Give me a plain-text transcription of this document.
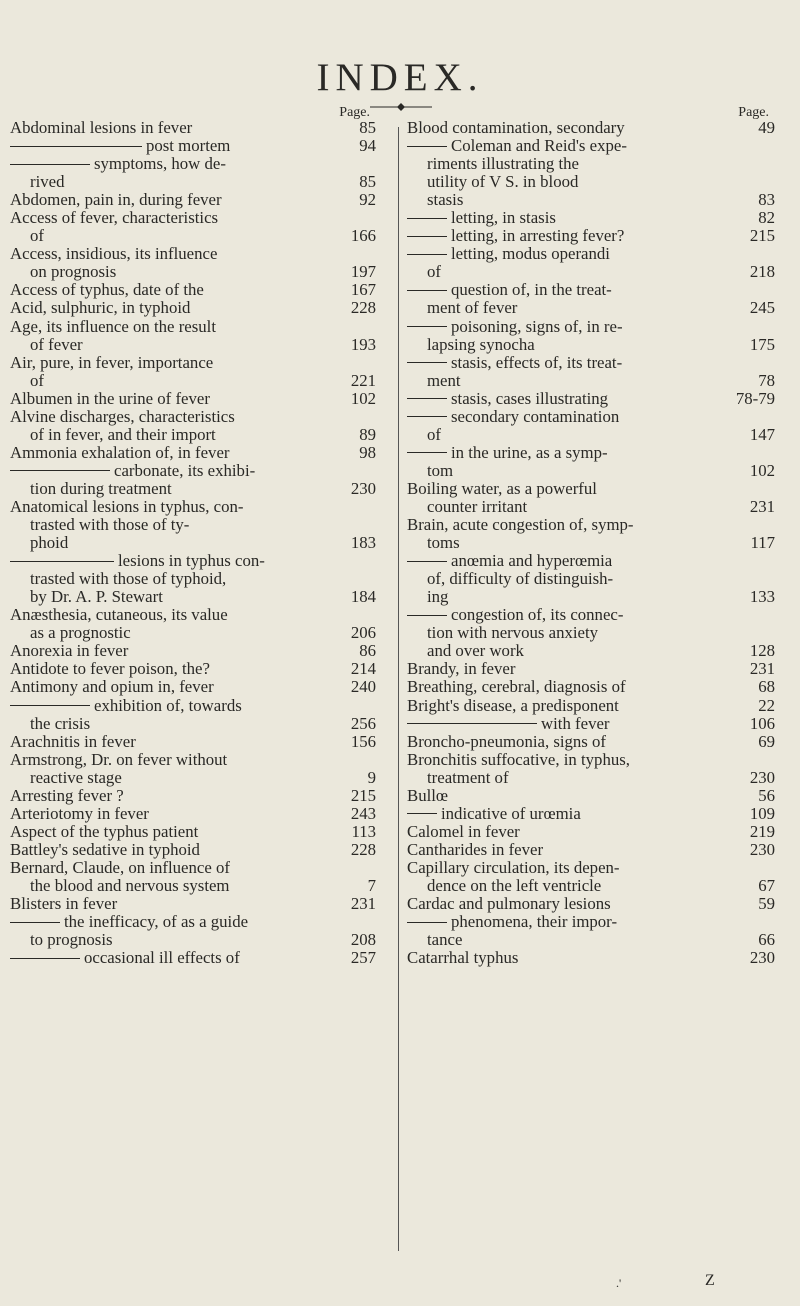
INDEX.
Page.
Abdominal lesions in fever	85
post mortem	94
symptoms, how de-
rived	85
Abdomen, pain in, during fever	92
Access of fever, characteristics
of	166
Access, insidious, its influence
on prognosis	197
Access of typhus, date of the	167
Acid, sulphuric, in typhoid	228
Age, its influence on the result
of fever	193
Air, pure, in fever, importance
of	221
Albumen in the urine of fever	102
Alvine discharges, characteristics
of in fever, and their import	89
Ammonia exhalation of, in fever	98
carbonate, its exhibi-
tion during treatment	230
Anatomical lesions in typhus, con-
trasted with those of ty-
phoid	183
lesions in typhus con-
trasted with those of typhoid,
by Dr. A. P. Stewart	184
Anæsthesia, cutaneous, its value
as a prognostic	206
Anorexia in fever	86
Antidote to fever poison, the?	214
Antimony and opium in, fever	240
exhibition of, towards
the crisis	256
Arachnitis in fever	156
Armstrong, Dr. on fever without
reactive stage	9
Arresting fever ?	215
Arteriotomy in fever	243
Aspect of the typhus patient	113
Battley's sedative in typhoid	228
Bernard, Claude, on influence of
the blood and nervous system	7
Blisters in fever	231
the inefficacy, of as a guide
to prognosis	208
occasional ill effects of	257
Page.
Blood contamination, secondary	49
Coleman and Reid's expe-
riments illustrating the
utility of V S. in blood
stasis	83
letting, in stasis	82
letting, in arresting fever?	215
letting, modus operandi
of	218
question of, in the treat-
ment of fever	245
poisoning, signs of, in re-
lapsing synocha	175
stasis, effects of, its treat-
ment	78
stasis, cases illustrating	78-79
secondary contamination
of	147
in the urine, as a symp-
tom	102
Boiling water, as a powerful
counter irritant	231
Brain, acute congestion of, symp-
toms	117
anœmia and hyperœmia
of, difficulty of distinguish-
ing	133
congestion of, its connec-
tion with nervous anxiety
and over work	128
Brandy, in fever	231
Breathing, cerebral, diagnosis of	68
Bright's disease, a predisponent	22
with fever	106
Broncho-pneumonia, signs of	69
Bronchitis suffocative, in typhus,
treatment of	230
Bullœ	56
indicative of urœmia	109
Calomel in fever	219
Cantharides in fever	230
Capillary circulation, its depen-
dence on the left ventricle	67
Cardac and pulmonary lesions	59
phenomena, their impor-
tance	66
Catarrhal typhus	230
.'	Z
